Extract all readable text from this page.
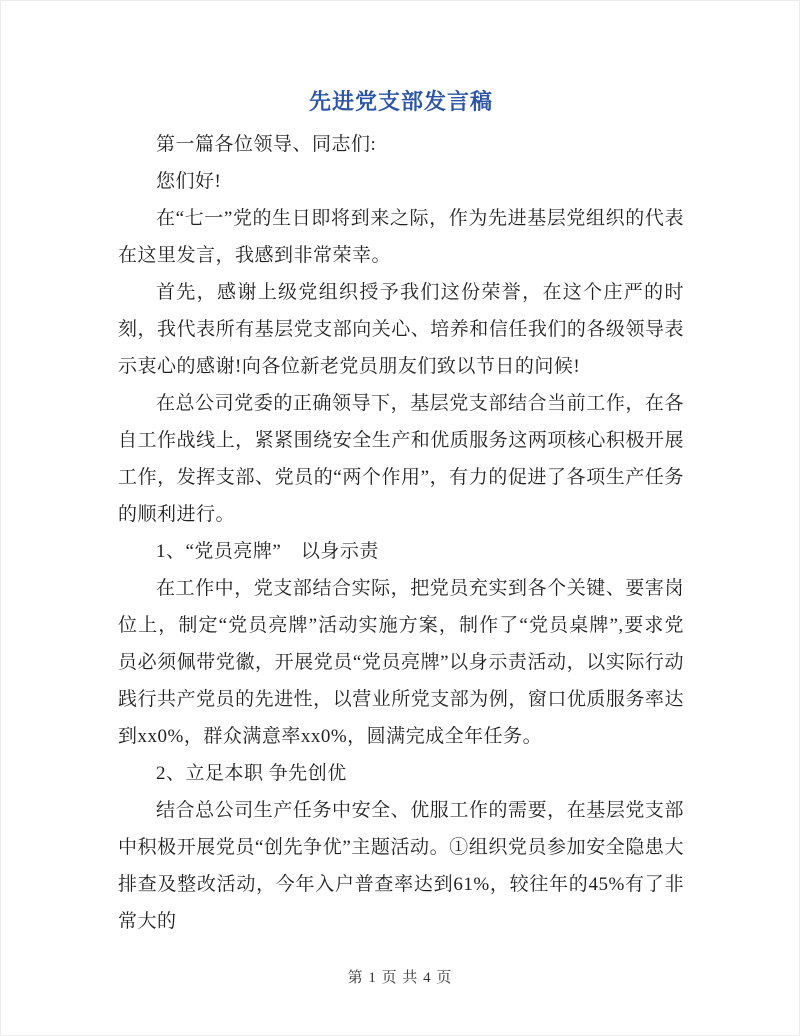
先进党支部发言稿

第一篇各位领导、同志们:

您们好!

在“七一”党的生日即将到来之际，作为先进基层党组织的代表在这里发言，我感到非常荣幸。

首先，感谢上级党组织授予我们这份荣誉，在这个庄严的时刻，我代表所有基层党支部向关心、培养和信任我们的各级领导表示衷心的感谢!向各位新老党员朋友们致以节日的问候!

在总公司党委的正确领导下，基层党支部结合当前工作，在各自工作战线上，紧紧围绕安全生产和优质服务这两项核心积极开展工作，发挥支部、党员的“两个作用”，有力的促进了各项生产任务的顺利进行。

1、“党员亮牌”　以身示责

在工作中，党支部结合实际，把党员充实到各个关键、要害岗位上，制定“党员亮牌”活动实施方案，制作了“党员桌牌”,要求党员必须佩带党徽，开展党员“党员亮牌”以身示责活动，以实际行动践行共产党员的先进性，以营业所党支部为例，窗口优质服务率达到xx0%，群众满意率xx0%，圆满完成全年任务。

2、立足本职 争先创优

结合总公司生产任务中安全、优服工作的需要，在基层党支部中积极开展党员“创先争优”主题活动。①组织党员参加安全隐患大排查及整改活动，今年入户普查率达到61%，较往年的45%有了非常大的

第 1 页 共 4 页
